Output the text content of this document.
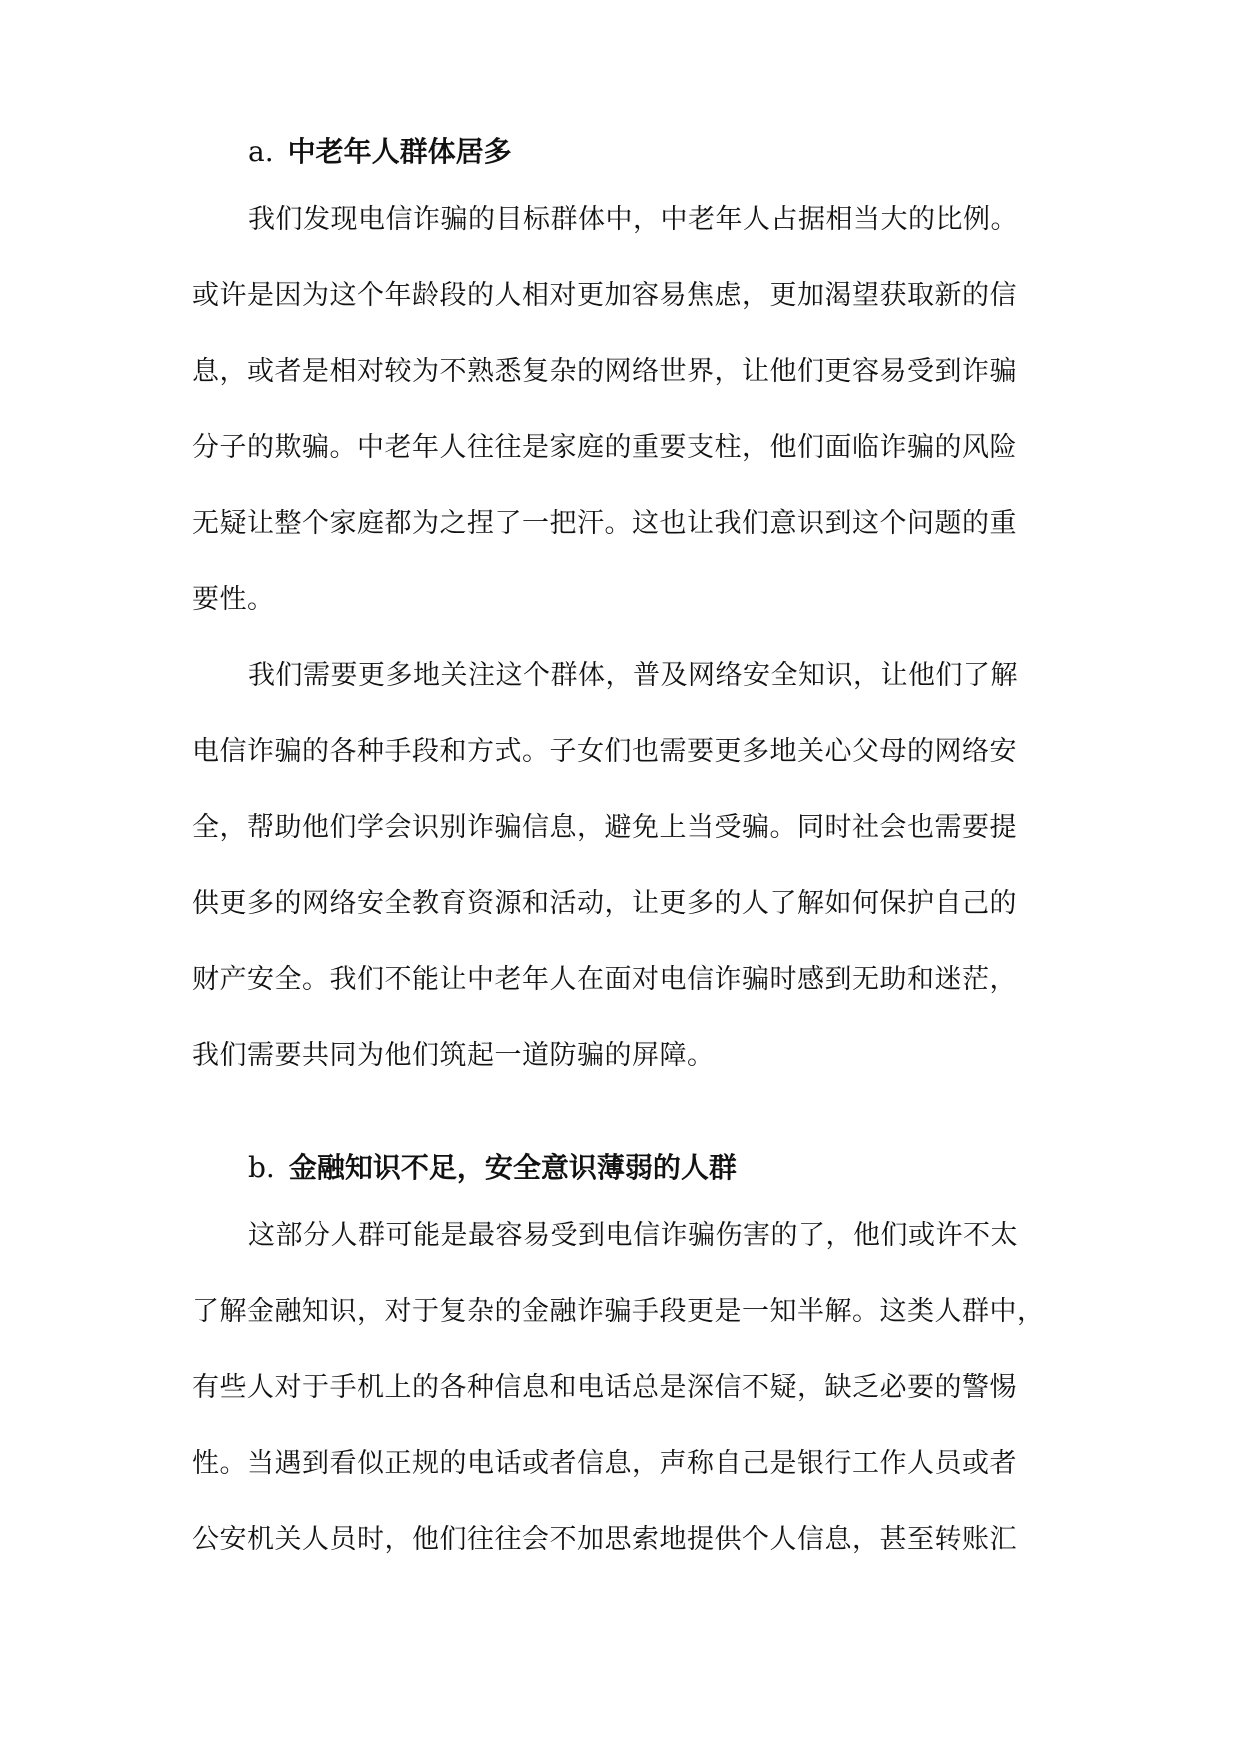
a. 中老年人群体居多
我们发现电信诈骗的目标群体中，中老年人占据相当大的比例。
或许是因为这个年龄段的人相对更加容易焦虑，更加渴望获取新的信
息，或者是相对较为不熟悉复杂的网络世界，让他们更容易受到诈骗
分子的欺骗。中老年人往往是家庭的重要支柱，他们面临诈骗的风险
无疑让整个家庭都为之捏了一把汗。这也让我们意识到这个问题的重
要性。
我们需要更多地关注这个群体，普及网络安全知识，让他们了解
电信诈骗的各种手段和方式。子女们也需要更多地关心父母的网络安
全，帮助他们学会识别诈骗信息，避免上当受骗。同时社会也需要提
供更多的网络安全教育资源和活动，让更多的人了解如何保护自己的
财产安全。我们不能让中老年人在面对电信诈骗时感到无助和迷茫，
我们需要共同为他们筑起一道防骗的屏障。
b. 金融知识不足，安全意识薄弱的人群
这部分人群可能是最容易受到电信诈骗伤害的了，他们或许不太
了解金融知识，对于复杂的金融诈骗手段更是一知半解。这类人群中，
有些人对于手机上的各种信息和电话总是深信不疑，缺乏必要的警惕
性。当遇到看似正规的电话或者信息，声称自己是银行工作人员或者
公安机关人员时，他们往往会不加思索地提供个人信息，甚至转账汇
